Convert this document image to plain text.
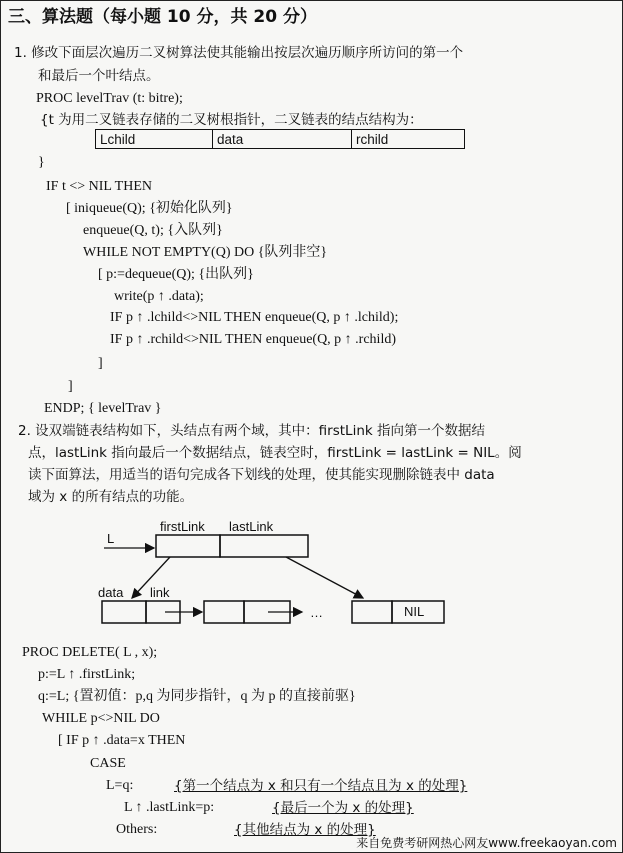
三、算法题（每小题 10 分，共 20 分）
1. 修改下面层次遍历二叉树算法使其能输出按层次遍历顺序所访问的第一个
和最后一个叶结点。
PROC levelTrav (t: bitre);
{t 为用二叉链表存储的二叉树根指针，二叉链表的结点结构为：
Lchild	data	rchild
}
IF t <> NIL THEN
[ iniqueue(Q); {初始化队列}
enqueue(Q, t); {入队列}
WHILE NOT EMPTY(Q) DO {队列非空}
[ p:=dequeue(Q); {出队列}
write(p ↑ .data);
IF p ↑ .lchild<>NIL THEN enqueue(Q, p ↑ .lchild);
IF p ↑ .rchild<>NIL THEN enqueue(Q, p ↑ .rchild)
]
]
ENDP; { levelTrav }
2. 设双端链表结构如下，头结点有两个域，其中：firstLink 指向第一个数据结
点，lastLink 指向最后一个数据结点，链表空时，firstLink = lastLink = NIL。阅
读下面算法，用适当的语句完成各下划线的处理，使其能实现删除链表中 data
域为 x 的所有结点的功能。
firstLink lastLink
L
data link
…	NIL
PROC DELETE( L , x);
p:=L ↑ .firstLink;
q:=L; {置初值：p,q 为同步指针，q 为 p 的直接前驱}
WHILE p<>NIL DO
[ IF p ↑ .data=x THEN
CASE
L=q:	{第一个结点为 x 和只有一个结点且为 x 的处理}
L ↑ .lastLink=p:	{最后一个为 x 的处理}
Others:	{其他结点为 x 的处理}
来自免费考研网热心网友www.freekaoyan.com
